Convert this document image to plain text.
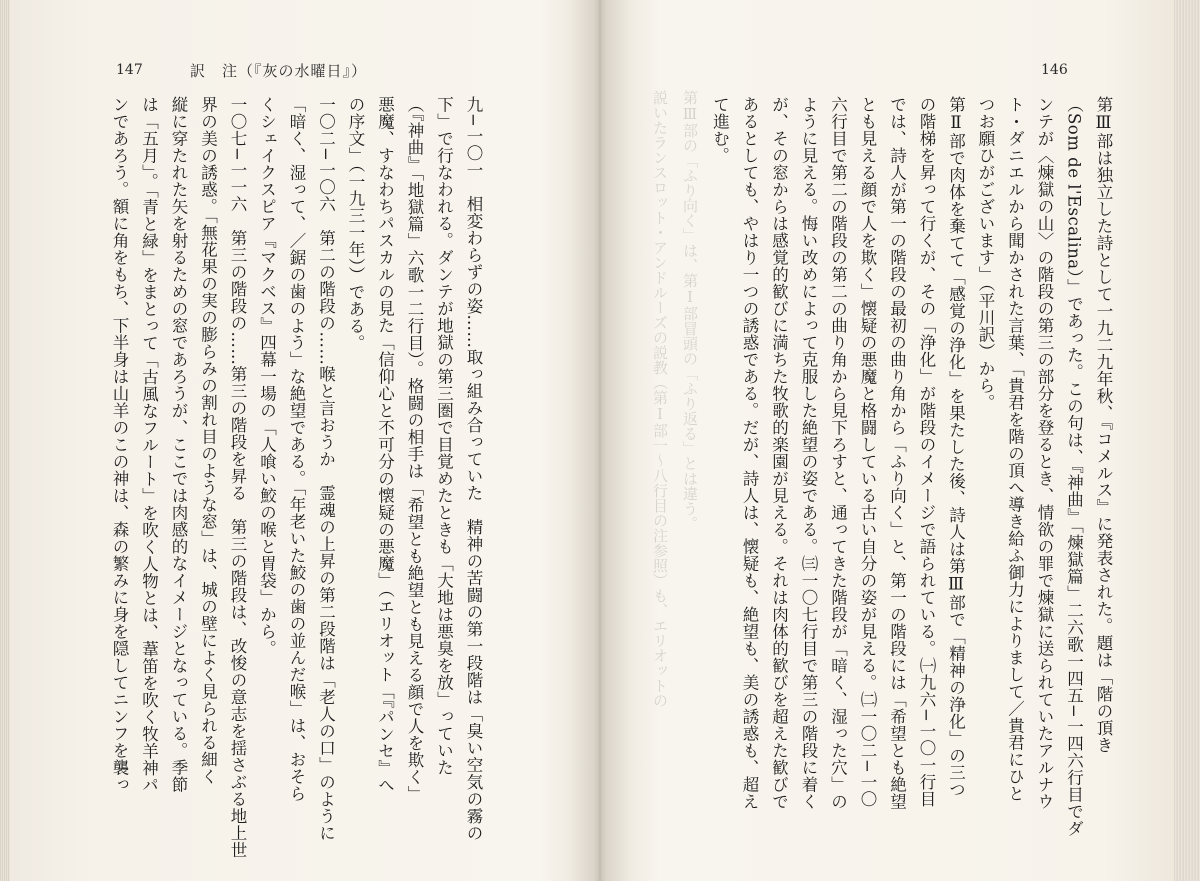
第Ⅲ部の「ふり向く」は、第Ⅰ部冒頭の「ふり返る」とは違う。
説いたランスロット・アンドルーズの説教（第Ⅰ部一〜八行目の注参照）も、エリオットの
147	訳　注（『灰の水曜日』）	146
第Ⅲ部は独立した詩として一九二九年秋、『コメルス』に発表された。題は「階の頂き
（Som de l'Escalina）」であった。この句は、『神曲』「煉獄篇」二六歌一四五−一四六行目でダ
ンテが〈煉獄の山〉の階段の第三の部分を登るとき、情欲の罪で煉獄に送られていたアルナウ
ト・ダニエルから聞かされた言葉、「貴君を階の頂へ導き給ふ御力によりまして／貴君にひと
つお願ひがございます」（平川訳）から。
第Ⅱ部で肉体を棄てて「感覚の浄化」を果たした後、詩人は第Ⅲ部で「精神の浄化」の三つ
の階梯を昇って行くが、その「浄化」が階段のイメージで語られている。㈠九六−一〇一行目
では、詩人が第一の階段の最初の曲り角から「ふり向く」と、第一の階段には「希望とも絶望
とも見える顔で人を欺く」懐疑の悪魔と格闘している古い自分の姿が見える。㈡一〇二−一〇
六行目で第二の階段の第二の曲り角から見下ろすと、通ってきた階段が「暗く、湿った穴」の
ように見える。悔い改めによって克服した絶望の姿である。㈢一〇七行目で第三の階段に着く
が、その窓からは感覚的歓びに満ちた牧歌的楽園が見える。それは肉体的歓びを超えた歓びで
あるとしても、やはり一つの誘惑である。だが、詩人は、懐疑も、絶望も、美の誘惑も、超え
て進む。
九−一〇一　相変わらずの姿……取っ組み合っていた　精神の苦闘の第一段階は「臭い空気の霧の
下」で行なわれる。ダンテが地獄の第三圏で目覚めたときも「大地は悪臭を放」っていた
（『神曲』「地獄篇」六歌一二行目）。格闘の相手は「希望とも絶望とも見える顔で人を欺く」
悪魔、すなわちパスカルの見た「信仰心と不可分の懐疑の悪魔」（エリオット「『パンセ』へ
の序文」（一九三一年））である。
一〇二−一〇六　第二の階段の……喉と言おうか　霊魂の上昇の第二段階は「老人の口」のように
「暗く、湿って、／鋸の歯のよう」な絶望である。「年老いた鮫の歯の並んだ喉」は、おそら
くシェイクスピア『マクベス』四幕一場の「人喰い鮫の喉と胃袋」から。
一〇七−一一六　第三の階段の……第三の階段を昇る　第三の階段は、改悛の意志を揺さぶる地上世
界の美の誘惑。「無花果の実の膨らみの割れ目のような窓」は、城の壁によく見られる細く
縦に穿たれた矢を射るための窓であろうが、ここでは肉感的なイメージとなっている。季節
は「五月」。「青と緑」をまとって「古風なフルート」を吹く人物とは、葦笛を吹く牧羊神パ
ンであろう。額に角をもち、下半身は山羊のこの神は、森の繁みに身を隠してニンフを襲っ
